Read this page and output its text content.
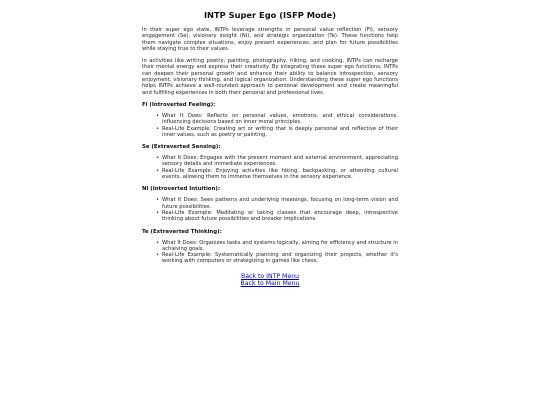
INTP Super Ego (ISFP Mode)

In their super ego state, INTPs leverage strengths in personal value reflection (Fi), sensory engagement (Se), visionary insight (Ni), and strategic organization (Te). These functions help them navigate complex situations, enjoy present experiences, and plan for future possibilities while staying true to their values.

In activities like writing poetry, painting, photography, hiking, and cooking, INTPs can recharge their mental energy and express their creativity. By integrating these super ego functions, INTPs can deepen their personal growth and enhance their ability to balance introspection, sensory enjoyment, visionary thinking, and logical organization. Understanding these super ego functions helps INTPs achieve a well-rounded approach to personal development and create meaningful and fulfilling experiences in both their personal and professional lives.

Fi (Introverted Feeling):
• What It Does: Reflects on personal values, emotions, and ethical considerations, influencing decisions based on inner moral principles.
• Real-Life Example: Creating art or writing that is deeply personal and reflective of their inner values, such as poetry or painting.
Se (Extraverted Sensing):
• What It Does: Engages with the present moment and external environment, appreciating sensory details and immediate experiences.
• Real-Life Example: Enjoying activities like hiking, backpacking, or attending cultural events, allowing them to immerse themselves in the sensory experience.
Ni (Introverted Intuition):
• What It Does: Sees patterns and underlying meanings, focusing on long-term vision and future possibilities.
• Real-Life Example: Meditating or taking classes that encourage deep, introspective thinking about future possibilities and broader implications.
Te (Extraverted Thinking):
• What It Does: Organizes tasks and systems logically, aiming for efficiency and structure in achieving goals.
• Real-Life Example: Systematically planning and organizing their projects, whether it's working with computers or strategizing in games like chess.
Back to INTP Menu
Back to Main Menu
